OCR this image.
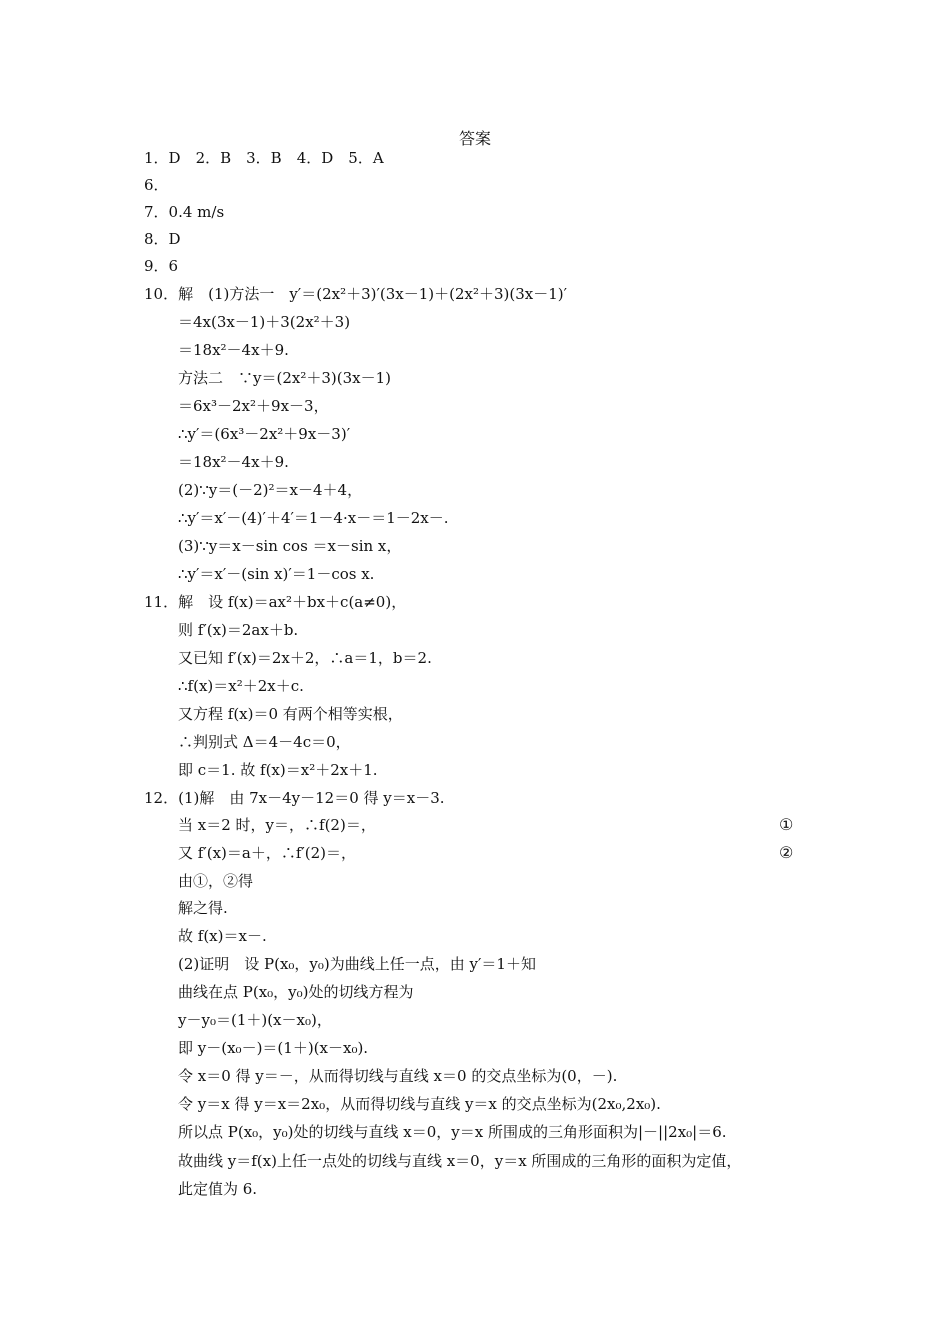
答案
1．D　2．B　3．B　4．D　5．A
6．
7．0.4 m/s
8．D
9．6
10．解　(1)方法一　y′＝(2x²＋3)′(3x－1)＋(2x²＋3)(3x－1)′
＝4x(3x－1)＋3(2x²＋3)
＝18x²－4x＋9.
方法二　∵y＝(2x²＋3)(3x－1)
＝6x³－2x²＋9x－3，
∴y′＝(6x³－2x²＋9x－3)′
＝18x²－4x＋9.
(2)∵y＝(－2)²＝x－4＋4，
∴y′＝x′－(4)′＋4′＝1－4·x－＝1－2x－.
(3)∵y＝x－sin cos ＝x－sin x，
∴y′＝x′－(sin x)′＝1－cos x.
11．解　设 f(x)＝ax²＋bx＋c(a≠0)，
则 f′(x)＝2ax＋b.
又已知 f′(x)＝2x＋2，∴a＝1，b＝2.
∴f(x)＝x²＋2x＋c.
又方程 f(x)＝0 有两个相等实根，
∴判别式 Δ＝4－4c＝0，
即 c＝1. 故 f(x)＝x²＋2x＋1.
12．(1)解　由 7x－4y－12＝0 得 y＝x－3.
当 x＝2 时，y＝，∴f(2)＝，	①
又 f′(x)＝a＋，∴f′(2)＝，	②
由①，②得
解之得.
故 f(x)＝x－.
(2)证明　设 P(x₀，y₀)为曲线上任一点，由 y′＝1＋知
曲线在点 P(x₀，y₀)处的切线方程为
y－y₀＝(1＋)(x－x₀)，
即 y－(x₀－)＝(1＋)(x－x₀).
令 x＝0 得 y＝－，从而得切线与直线 x＝0 的交点坐标为(0，－).
令 y＝x 得 y＝x＝2x₀，从而得切线与直线 y＝x 的交点坐标为(2x₀,2x₀).
所以点 P(x₀，y₀)处的切线与直线 x＝0，y＝x 所围成的三角形面积为|－||2x₀|＝6.
故曲线 y＝f(x)上任一点处的切线与直线 x＝0，y＝x 所围成的三角形的面积为定值，
此定值为 6.
